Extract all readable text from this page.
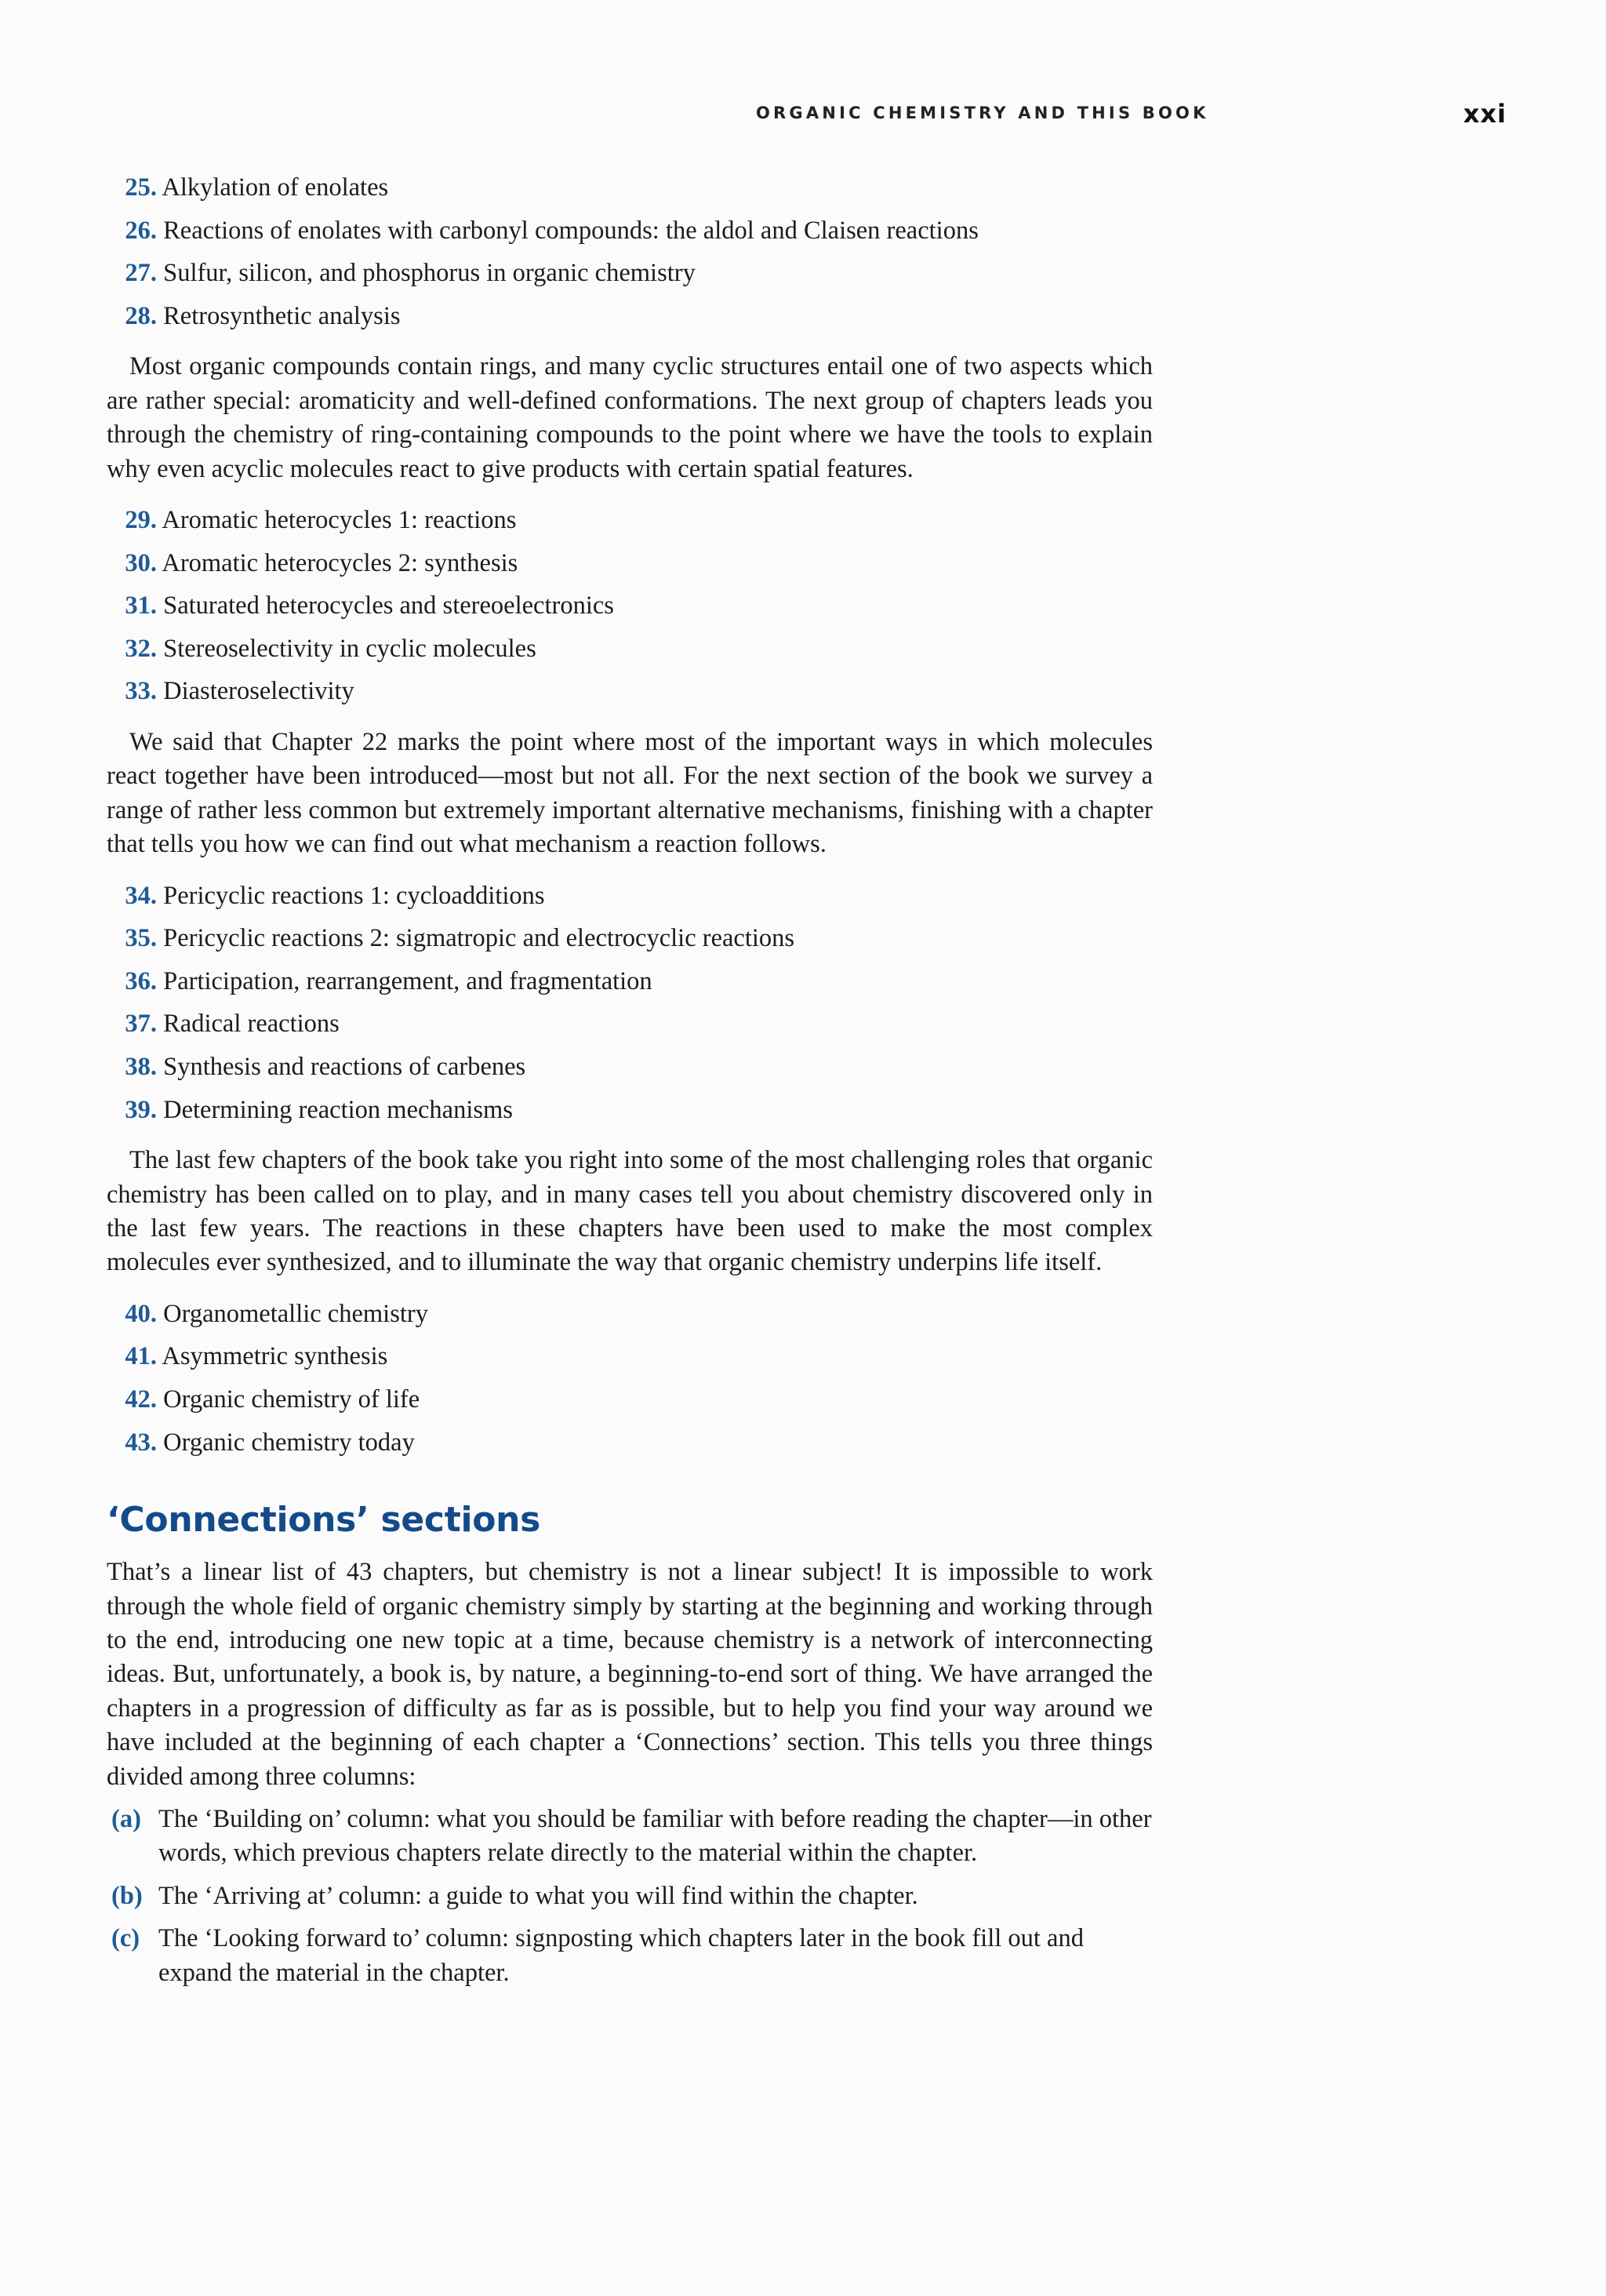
ORGANIC CHEMISTRY AND THIS BOOK	xxi
25. Alkylation of enolates
26. Reactions of enolates with carbonyl compounds: the aldol and Claisen reactions
27. Sulfur, silicon, and phosphorus in organic chemistry
28. Retrosynthetic analysis

Most organic compounds contain rings, and many cyclic structures entail one of two aspects which are rather special: aromaticity and well-defined conformations. The next group of chapters leads you through the chemistry of ring-containing compounds to the point where we have the tools to explain why even acyclic molecules react to give products with certain spatial features.

29. Aromatic heterocycles 1: reactions
30. Aromatic heterocycles 2: synthesis
31. Saturated heterocycles and stereoelectronics
32. Stereoselectivity in cyclic molecules
33. Diasteroselectivity

We said that Chapter 22 marks the point where most of the important ways in which molecules react together have been introduced—most but not all. For the next section of the book we survey a range of rather less common but extremely important alternative mechanisms, finishing with a chapter that tells you how we can find out what mechanism a reaction follows.

34. Pericyclic reactions 1: cycloadditions
35. Pericyclic reactions 2: sigmatropic and electrocyclic reactions
36. Participation, rearrangement, and fragmentation
37. Radical reactions
38. Synthesis and reactions of carbenes
39. Determining reaction mechanisms

The last few chapters of the book take you right into some of the most challenging roles that organic chemistry has been called on to play, and in many cases tell you about chemistry discovered only in the last few years. The reactions in these chapters have been used to make the most complex molecules ever synthesized, and to illuminate the way that organic chemistry underpins life itself.

40. Organometallic chemistry
41. Asymmetric synthesis
42. Organic chemistry of life
43. Organic chemistry today
‘Connections’ sections

That’s a linear list of 43 chapters, but chemistry is not a linear subject! It is impossible to work through the whole field of organic chemistry simply by starting at the beginning and working through to the end, introducing one new topic at a time, because chemistry is a network of interconnecting ideas. But, unfortunately, a book is, by nature, a beginning-to-end sort of thing. We have arranged the chapters in a progression of difficulty as far as is possible, but to help you find your way around we have included at the beginning of each chapter a ‘Connections’ section. This tells you three things divided among three columns:

(a) The ‘Building on’ column: what you should be familiar with before reading the chapter—in other words, which previous chapters relate directly to the material within the chapter.
(b) The ‘Arriving at’ column: a guide to what you will find within the chapter.
(c) The ‘Looking forward to’ column: signposting which chapters later in the book fill out and expand the material in the chapter.
